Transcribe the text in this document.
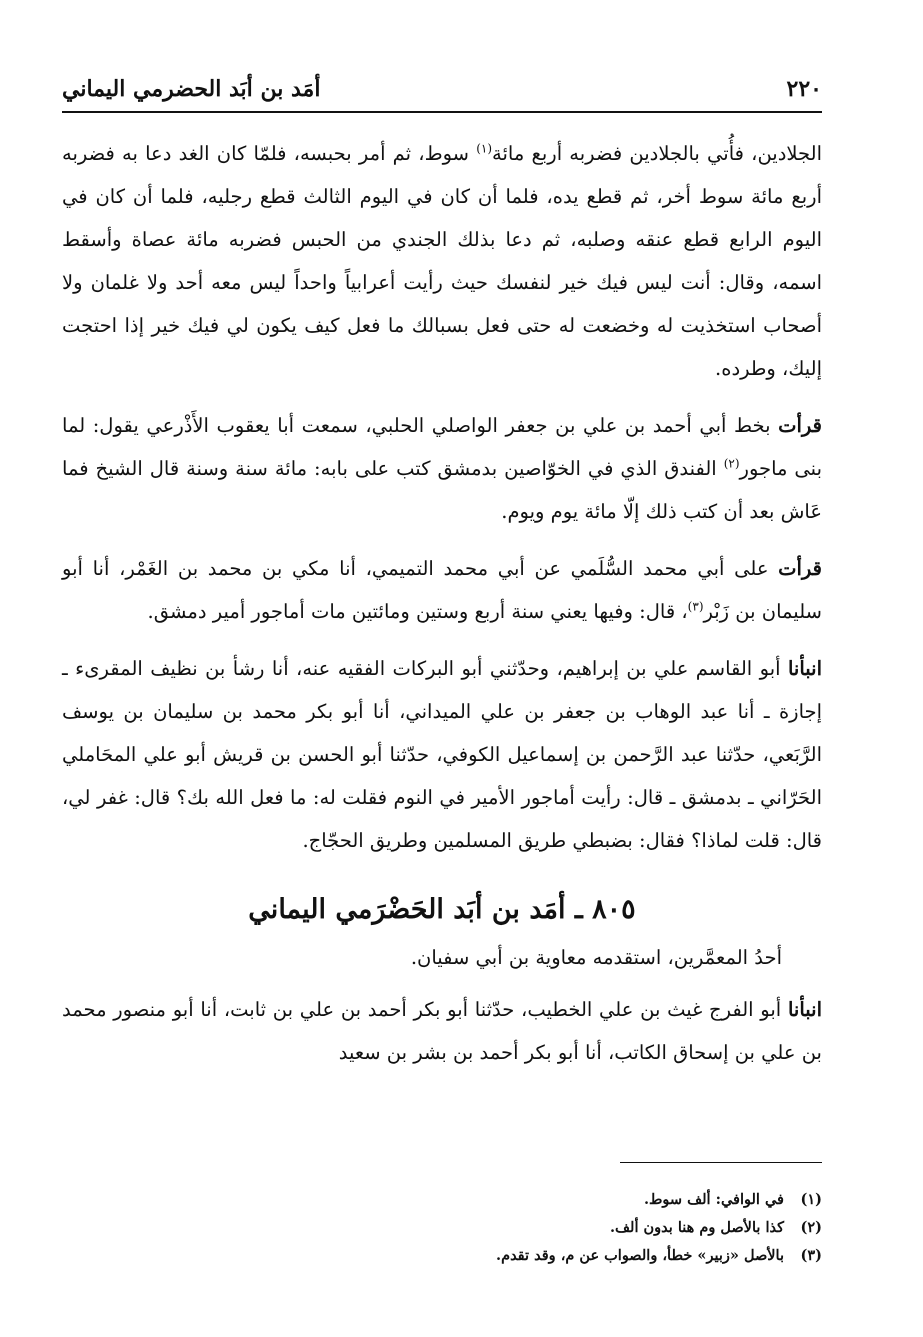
٢٢٠
أمَد بن أبَد الحضرمي اليماني

الجلادين، فأُتي بالجلادين فضربه أربع مائة$^{(١)}$ سوط، ثم أمر بحبسه، فلمّا كان الغد دعا به فضربه أربع مائة سوط أخر، ثم قطع يده، فلما أن كان في اليوم الثالث قطع رجليه، فلما أن كان في اليوم الرابع قطع عنقه وصلبه، ثم دعا بذلك الجندي من الحبس فضربه مائة عصاة وأسقط اسمه، وقال: أنت ليس فيك خير لنفسك حيث رأيت أعرابياً واحداً ليس معه أحد ولا غلمان ولا أصحاب استخذيت له وخضعت له حتى فعل بسبالك ما فعل كيف يكون لي فيك خير إذا احتجت إليك، وطرده.

قرأت بخط أبي أحمد بن علي بن جعفر الواصلي الحلبي، سمعت أبا يعقوب الأَذْرعي يقول: لما بنى ماجور$^{(٢)}$ الفندق الذي في الخوّاصين بدمشق كتب على بابه: مائة سنة وسنة قال الشيخ فما عَاش بعد أن كتب ذلك إلّا مائة يوم ويوم.

قرأت على أبي محمد السُّلَمي عن أبي محمد التميمي، أنا مكي بن محمد بن الغَمْر، أنا أبو سليمان بن زَبْر$^{(٣)}$، قال: وفيها يعني سنة أربع وستين ومائتين مات أماجور أمير دمشق.

انبأنا أبو القاسم علي بن إبراهيم، وحدّثني أبو البركات الفقيه عنه، أنا رشأ بن نظيف المقرىء ـ إجازة ـ أنا عبد الوهاب بن جعفر بن علي الميداني، أنا أبو بكر محمد بن سليمان بن يوسف الرَّبَعي، حدّثنا عبد الرَّحمن بن إسماعيل الكوفي، حدّثنا أبو الحسن بن قريش أبو علي المحَاملي الحَرّاني ـ بدمشق ـ قال: رأيت أماجور الأمير في النوم فقلت له: ما فعل الله بك؟ قال: غفر لي، قال: قلت لماذا؟ فقال: بضبطي طريق المسلمين وطريق الحجّاج.

٨٠٥ ـ أمَد بن أبَد الحَضْرَمي اليماني

أحدُ المعمَّرين، استقدمه معاوية بن أبي سفيان.

انبأنا أبو الفرج غيث بن علي الخطيب، حدّثنا أبو بكر أحمد بن علي بن ثابت، أنا أبو منصور محمد بن علي بن إسحاق الكاتب، أنا أبو بكر أحمد بن بشر بن سعيد

(١)
في الوافي: ألف سوط.
(٢)
كذا بالأصل وم هنا بدون ألف.
(٣)
بالأصل «زبير» خطأ، والصواب عن م، وقد تقدم.
